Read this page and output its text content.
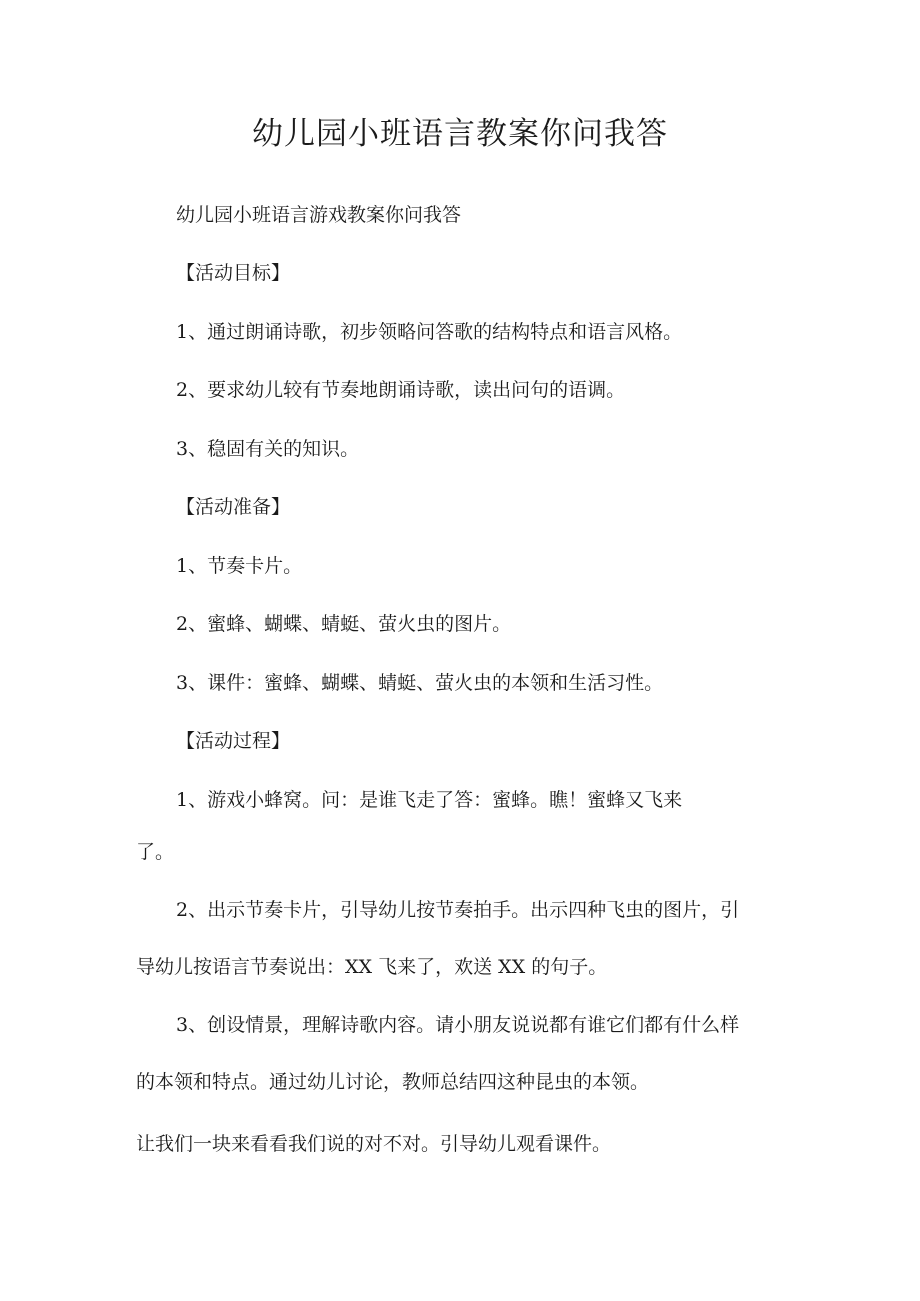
幼儿园小班语言教案你问我答
幼儿园小班语言游戏教案你问我答
【活动目标】
1、通过朗诵诗歌，初步领略问答歌的结构特点和语言风格。
2、要求幼儿较有节奏地朗诵诗歌，读出问句的语调。
3、稳固有关的知识。
【活动准备】
1、节奏卡片。
2、蜜蜂、蝴蝶、蜻蜓、萤火虫的图片。
3、课件：蜜蜂、蝴蝶、蜻蜓、萤火虫的本领和生活习性。
【活动过程】
1、游戏小蜂窝。问：是谁飞走了答：蜜蜂。瞧！蜜蜂又飞来
了。
2、出示节奏卡片，引导幼儿按节奏拍手。出示四种飞虫的图片，引
导幼儿按语言节奏说出：XX 飞来了，欢送 XX 的句子。
3、创设情景，理解诗歌内容。请小朋友说说都有谁它们都有什么样
的本领和特点。通过幼儿讨论，教师总结四这种昆虫的本领。
让我们一块来看看我们说的对不对。引导幼儿观看课件。
